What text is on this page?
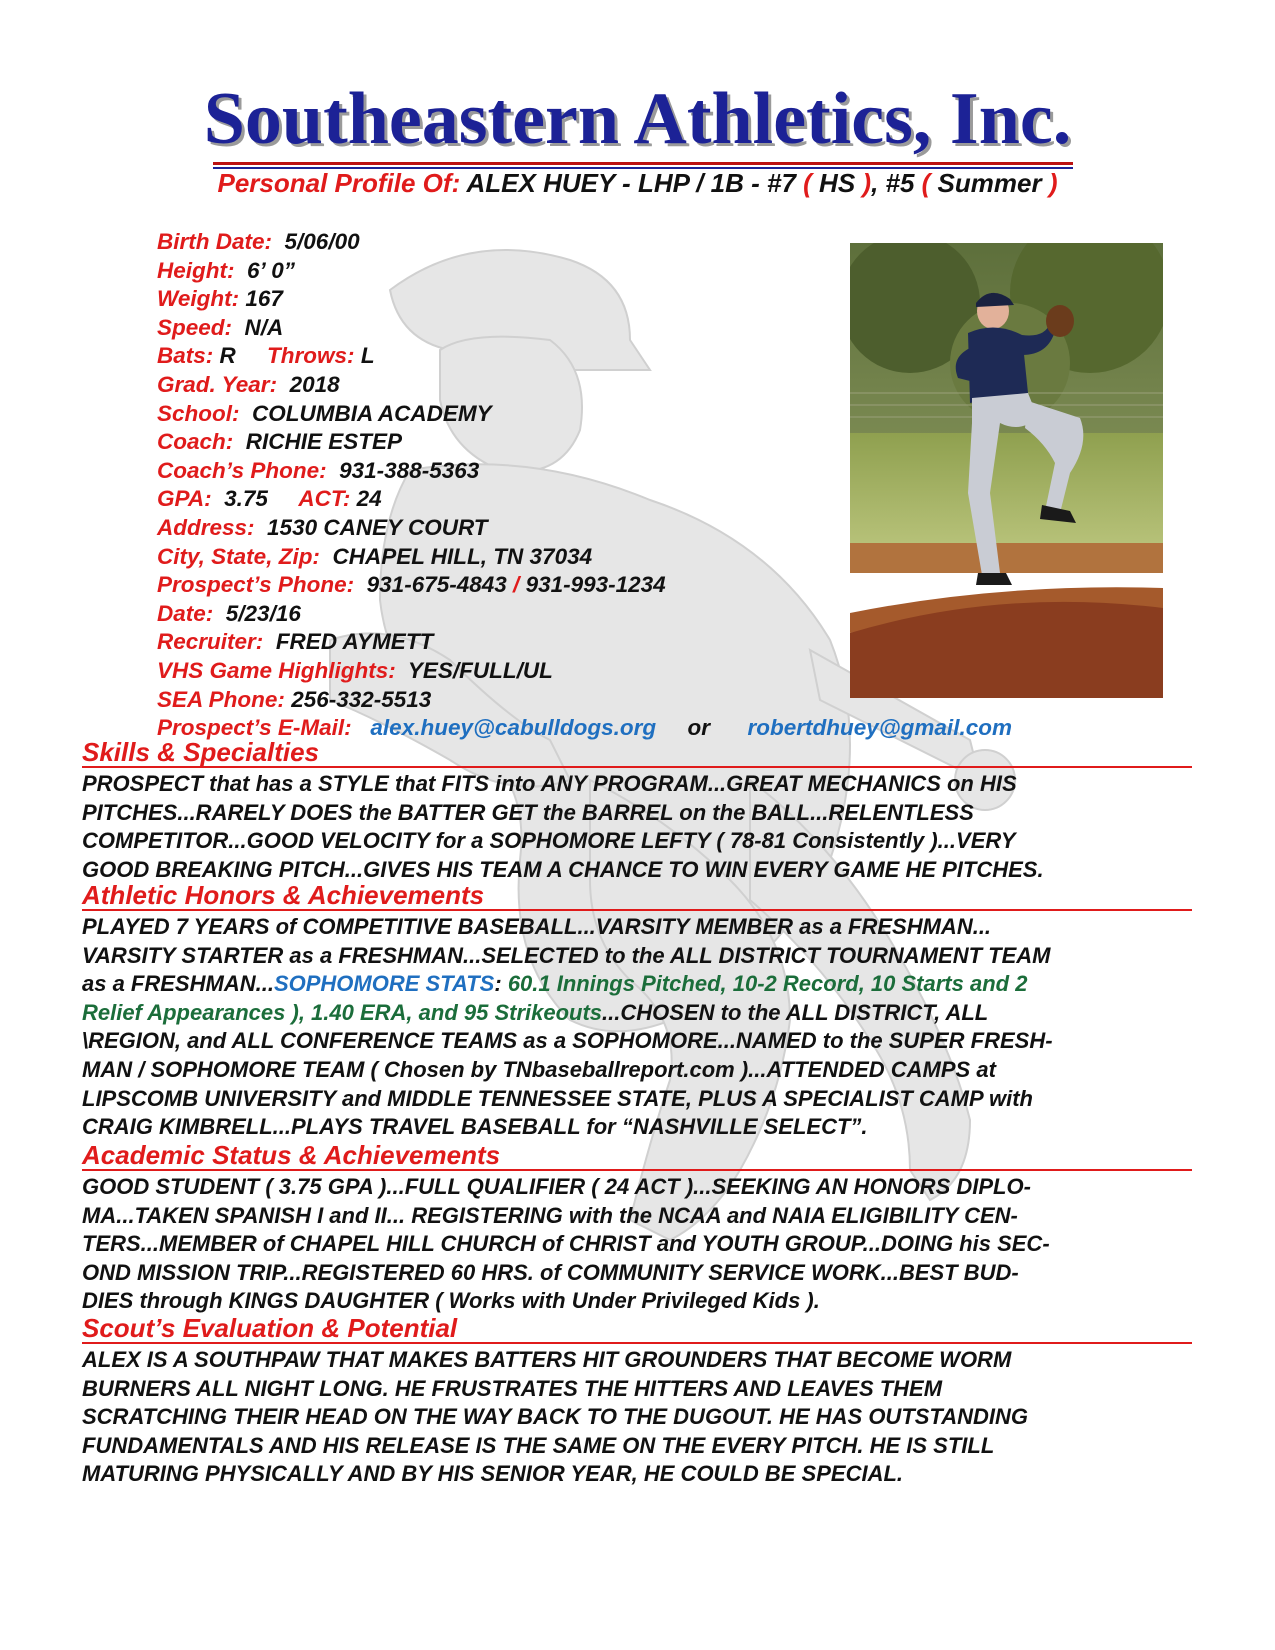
Southeastern Athletics, Inc.
Personal Profile Of: ALEX HUEY - LHP / 1B - #7 ( HS ), #5 ( Summer )
Birth Date: 5/06/00
Height: 6’ 0”
Weight: 167
Speed: N/A
Bats: R Throws: L
Grad. Year: 2018
School: COLUMBIA ACADEMY
Coach: RICHIE ESTEP
Coach’s Phone: 931-388-5363
GPA: 3.75 ACT: 24
Address: 1530 CANEY COURT
City, State, Zip: CHAPEL HILL, TN 37034
Prospect’s Phone: 931-675-4843 / 931-993-1234
Date: 5/23/16
Recruiter: FRED AYMETT
VHS Game Highlights: YES/FULL/UL
SEA Phone: 256-332-5513
Prospect’s E-Mail: alex.huey@cabulldogs.org or robertdhuey@gmail.com
Skills & Specialties
PROSPECT that has a STYLE that FITS into ANY PROGRAM...GREAT MECHANICS on HIS
PITCHES...RARELY DOES the BATTER GET the BARREL on the BALL...RELENTLESS
COMPETITOR...GOOD VELOCITY for a SOPHOMORE LEFTY ( 78-81 Consistently )...VERY
GOOD BREAKING PITCH...GIVES HIS TEAM A CHANCE TO WIN EVERY GAME HE PITCHES.
Athletic Honors & Achievements
PLAYED 7 YEARS of COMPETITIVE BASEBALL...VARSITY MEMBER as a FRESHMAN...
VARSITY STARTER as a FRESHMAN...SELECTED to the ALL DISTRICT TOURNAMENT TEAM
as a FRESHMAN...SOPHOMORE STATS: 60.1 Innings Pitched, 10-2 Record, 10 Starts and 2
Relief Appearances ), 1.40 ERA, and 95 Strikeouts...CHOSEN to the ALL DISTRICT, ALL
\REGION, and ALL CONFERENCE TEAMS as a SOPHOMORE...NAMED to the SUPER FRESH-
MAN / SOPHOMORE TEAM ( Chosen by TNbaseballreport.com )...ATTENDED CAMPS at
LIPSCOMB UNIVERSITY and MIDDLE TENNESSEE STATE, PLUS A SPECIALIST CAMP with
CRAIG KIMBRELL...PLAYS TRAVEL BASEBALL for “NASHVILLE SELECT”.
Academic Status & Achievements
GOOD STUDENT ( 3.75 GPA )...FULL QUALIFIER ( 24 ACT )...SEEKING AN HONORS DIPLO-
MA...TAKEN SPANISH I and II... REGISTERING with the NCAA and NAIA ELIGIBILITY CEN-
TERS...MEMBER of CHAPEL HILL CHURCH of CHRIST and YOUTH GROUP...DOING his SEC-
OND MISSION TRIP...REGISTERED 60 HRS. of COMMUNITY SERVICE WORK...BEST BUD-
DIES through KINGS DAUGHTER ( Works with Under Privileged Kids ).
Scout’s Evaluation & Potential
ALEX IS A SOUTHPAW THAT MAKES BATTERS HIT GROUNDERS THAT BECOME WORM
BURNERS ALL NIGHT LONG. HE FRUSTRATES THE HITTERS AND LEAVES THEM
SCRATCHING THEIR HEAD ON THE WAY BACK TO THE DUGOUT. HE HAS OUTSTANDING
FUNDAMENTALS AND HIS RELEASE IS THE SAME ON THE EVERY PITCH. HE IS STILL
MATURING PHYSICALLY AND BY HIS SENIOR YEAR, HE COULD BE SPECIAL.
